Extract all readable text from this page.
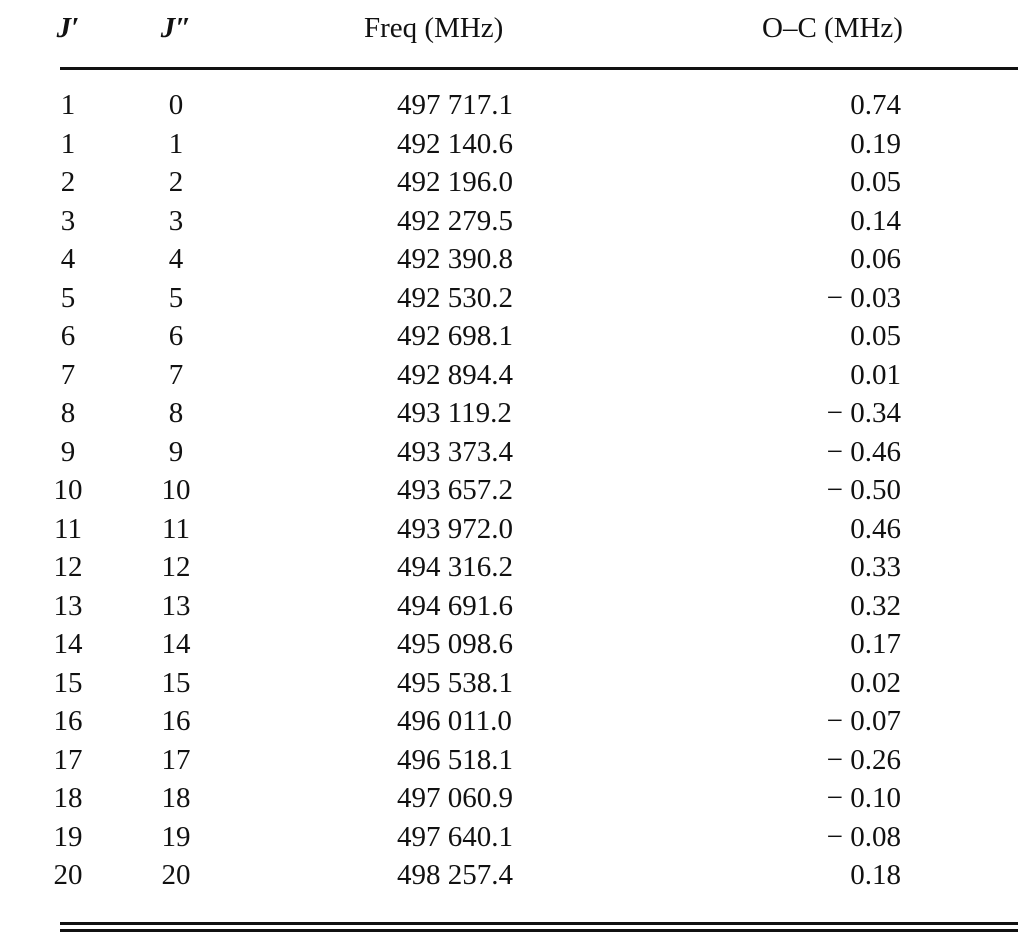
J′	J″	Freq (MHz)	O–C (MHz)
1	0	497 717.1	0.74
1	1	492 140.6	0.19
2	2	492 196.0	0.05
3	3	492 279.5	0.14
4	4	492 390.8	0.06
5	5	492 530.2	− 0.03
6	6	492 698.1	0.05
7	7	492 894.4	0.01
8	8	493 119.2	− 0.34
9	9	493 373.4	− 0.46
10	10	493 657.2	− 0.50
11	11	493 972.0	0.46
12	12	494 316.2	0.33
13	13	494 691.6	0.32
14	14	495 098.6	0.17
15	15	495 538.1	0.02
16	16	496 011.0	− 0.07
17	17	496 518.1	− 0.26
18	18	497 060.9	− 0.10
19	19	497 640.1	− 0.08
20	20	498 257.4	0.18
